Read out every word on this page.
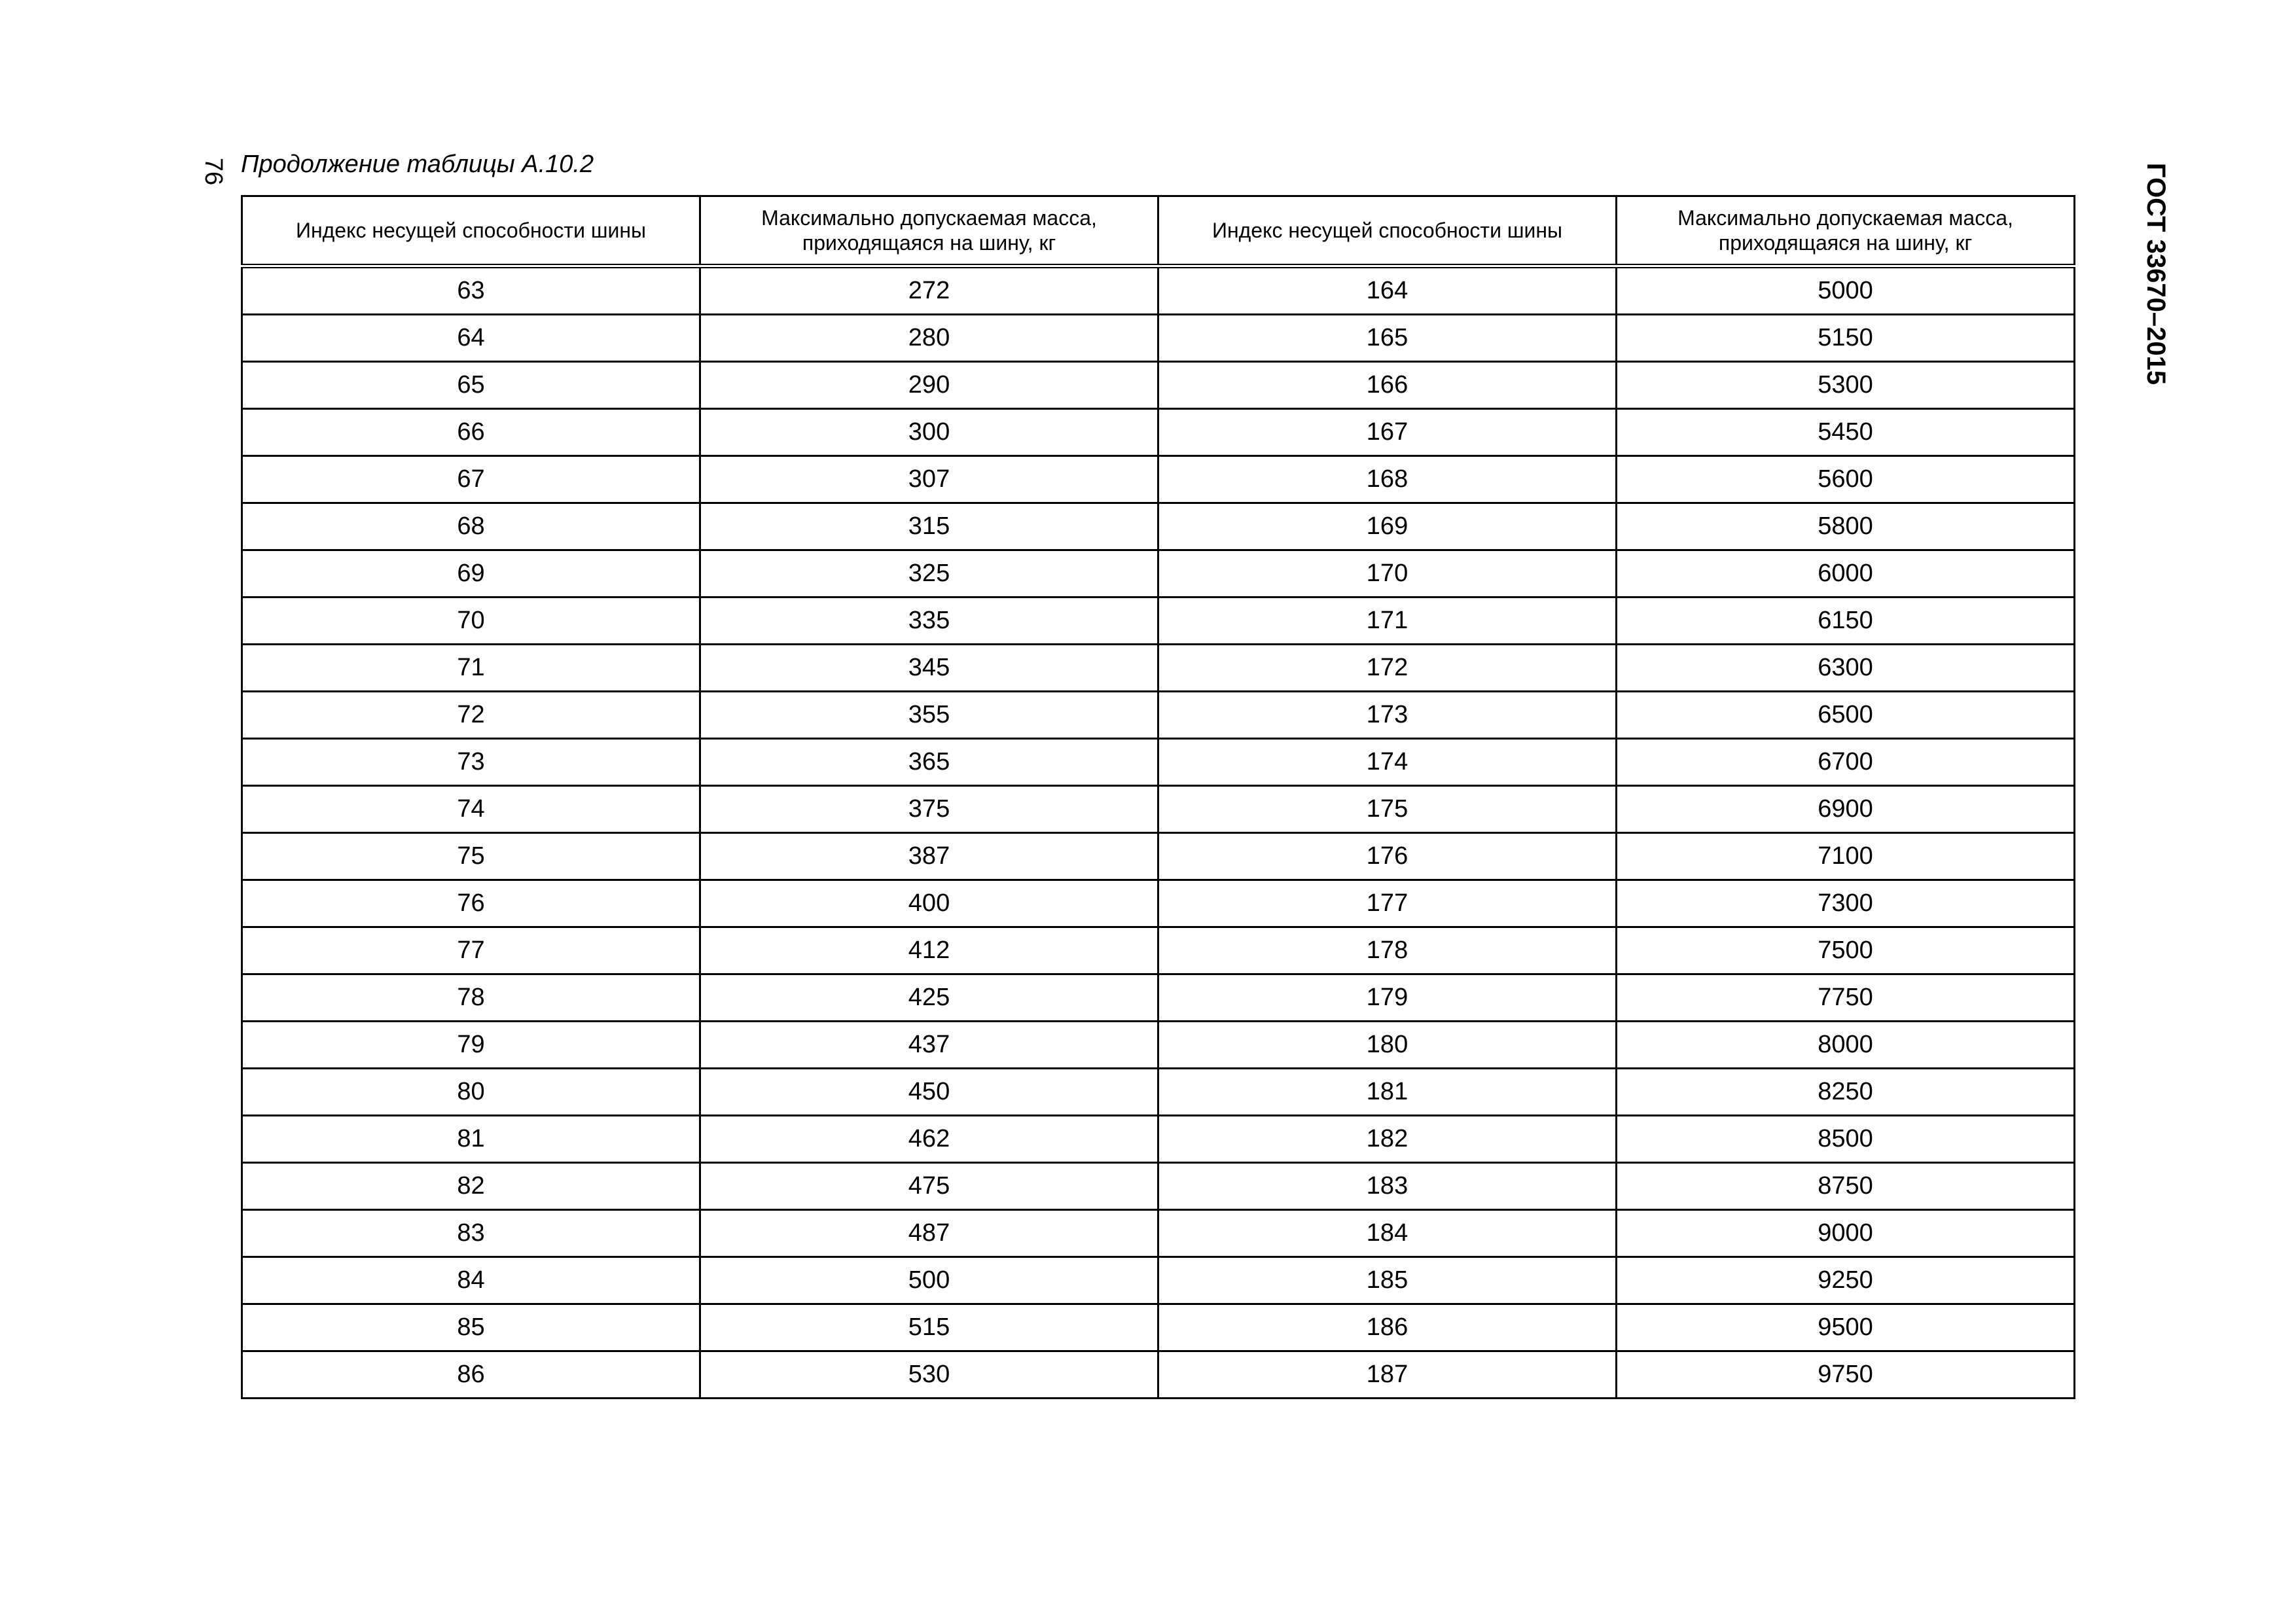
76 Продолжение таблицы А.10.2	ГОСТ 33670–2015
Индекс несущей способности шины	Максимально допускаемая масса, приходящаяся на шину, кг	Индекс несущей способности шины	Максимально допускаемая масса, приходящаяся на шину, кг
63	272	164	5000
64	280	165	5150
65	290	166	5300
66	300	167	5450
67	307	168	5600
68	315	169	5800
69	325	170	6000
70	335	171	6150
71	345	172	6300
72	355	173	6500
73	365	174	6700
74	375	175	6900
75	387	176	7100
76	400	177	7300
77	412	178	7500
78	425	179	7750
79	437	180	8000
80	450	181	8250
81	462	182	8500
82	475	183	8750
83	487	184	9000
84	500	185	9250
85	515	186	9500
86	530	187	9750
